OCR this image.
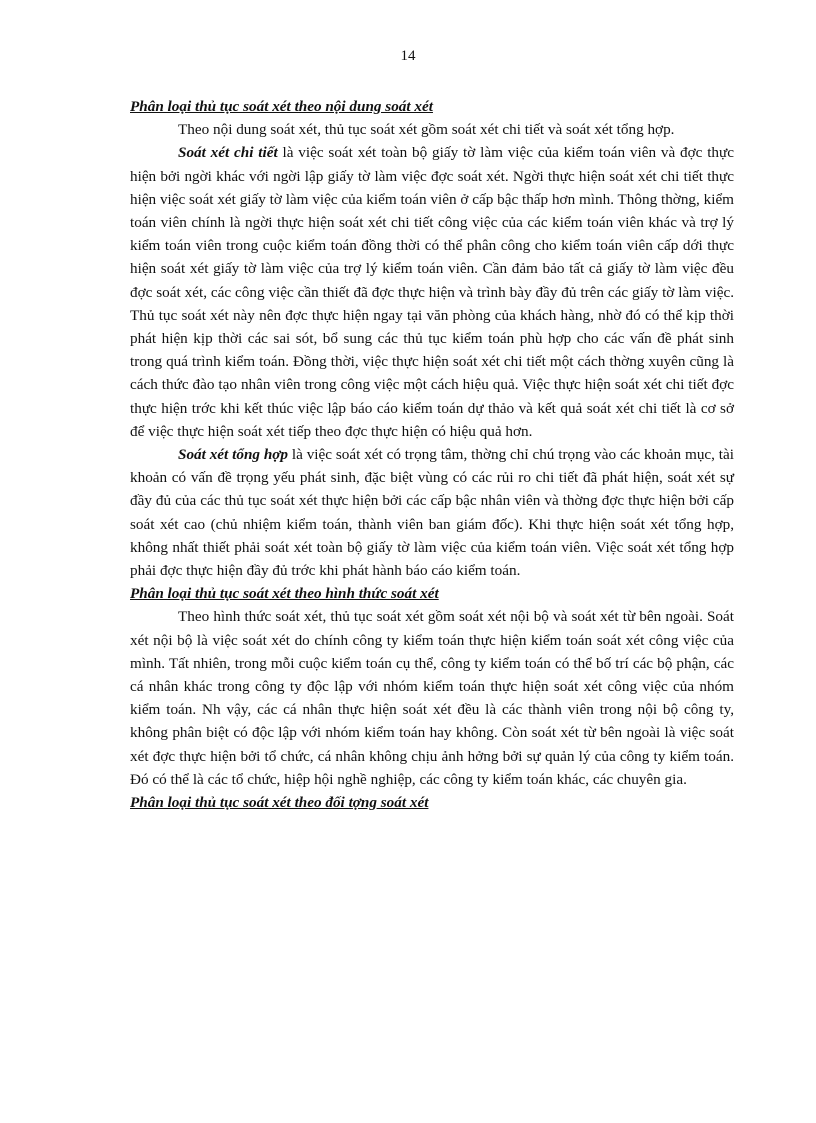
14
Phân loại thủ tục soát xét theo nội dung soát xét

Theo nội dung soát xét, thủ tục soát xét gồm soát xét chi tiết và soát xét tổng hợp.

Soát xét chi tiết là việc soát xét toàn bộ giấy tờ làm việc của kiểm toán viên và đợc thực hiện bởi ngời khác với ngời lập giấy tờ làm việc đợc soát xét. Ngời thực hiện soát xét chi tiết thực hiện việc soát xét giấy tờ làm việc của kiểm toán viên ở cấp bậc thấp hơn mình. Thông thờng, kiểm toán viên chính là ngời thực hiện soát xét chi tiết công việc của các kiểm toán viên khác và trợ lý kiểm toán viên trong cuộc kiểm toán đồng thời có thể phân công cho kiểm toán viên cấp dới thực hiện soát xét giấy tờ làm việc của trợ lý kiểm toán viên. Cần đảm bảo tất cả giấy tờ làm việc đều đợc soát xét, các công việc cần thiết đã đợc thực hiện và trình bày đầy đủ trên các giấy tờ làm việc. Thủ tục soát xét này nên đợc thực hiện ngay tại văn phòng của khách hàng, nhờ đó có thể kịp thời phát hiện kịp thời các sai sót, bổ sung các thủ tục kiểm toán phù hợp cho các vấn đề phát sinh trong quá trình kiểm toán. Đồng thời, việc thực hiện soát xét chi tiết một cách thờng xuyên cũng là cách thức đào tạo nhân viên trong công việc một cách hiệu quả. Việc thực hiện soát xét chi tiết đợc thực hiện trớc khi kết thúc việc lập báo cáo kiểm toán dự thảo và kết quả soát xét chi tiết là cơ sở để việc thực hiện soát xét tiếp theo đợc thực hiện có hiệu quả hơn.

Soát xét tổng hợp là việc soát xét có trọng tâm, thờng chỉ chú trọng vào các khoản mục, tài khoản có vấn đề trọng yếu phát sinh, đặc biệt vùng có các rủi ro chi tiết đã phát hiện, soát xét sự đầy đủ của các thủ tục soát xét thực hiện bởi các cấp bậc nhân viên và thờng đợc thực hiện bởi cấp soát xét cao (chủ nhiệm kiểm toán, thành viên ban giám đốc). Khi thực hiện soát xét tổng hợp, không nhất thiết phải soát xét toàn bộ giấy tờ làm việc của kiểm toán viên. Việc soát xét tổng hợp phải đợc thực hiện đầy đủ trớc khi phát hành báo cáo kiểm toán.

Phân loại thủ tục soát xét theo hình thức soát xét

Theo hình thức soát xét, thủ tục soát xét gồm soát xét nội bộ và soát xét từ bên ngoài. Soát xét nội bộ là việc soát xét do chính công ty kiểm toán thực hiện kiểm toán soát xét công việc của mình. Tất nhiên, trong mỗi cuộc kiểm toán cụ thể, công ty kiểm toán có thể bố trí các bộ phận, các cá nhân khác trong công ty độc lập với nhóm kiểm toán thực hiện soát xét công việc của nhóm kiểm toán. Nh vậy, các cá nhân thực hiện soát xét đều là các thành viên trong nội bộ công ty, không phân biệt có độc lập với nhóm kiểm toán hay không. Còn soát xét từ bên ngoài là việc soát xét đợc thực hiện bởi tổ chức, cá nhân không chịu ảnh hởng bởi sự quản lý của công ty kiểm toán. Đó có thể là các tổ chức, hiệp hội nghề nghiệp, các công ty kiểm toán khác, các chuyên gia.

Phân loại thủ tục soát xét theo đối tợng soát xét
